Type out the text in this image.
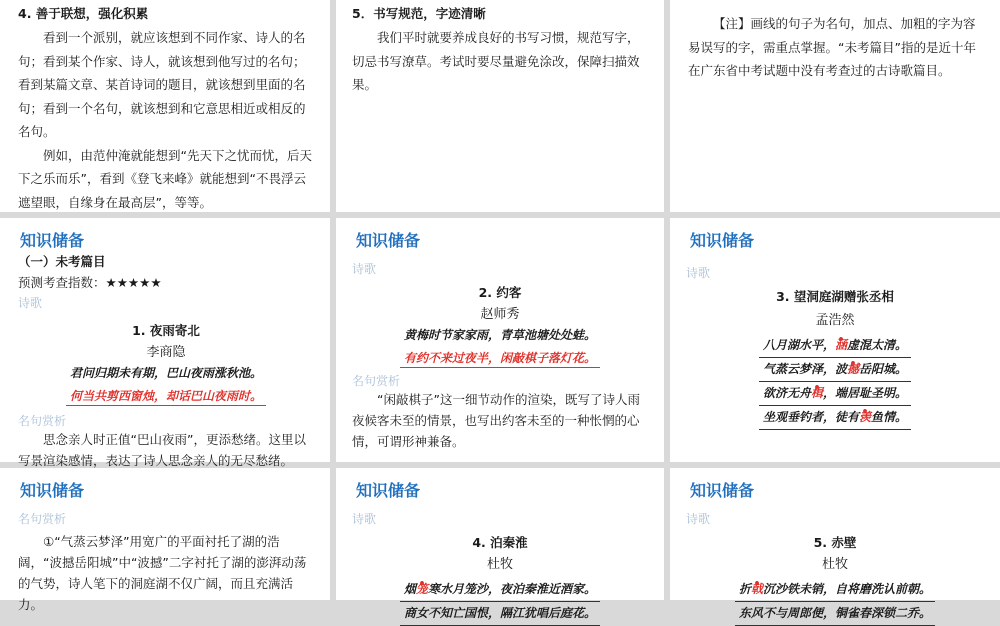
4. 善于联想，强化积累
看到一个派别，就应该想到不同作家、诗人的名句；看到某个作家、诗人，就该想到他写过的名句；看到某篇文章、某首诗词的题目，就该想到里面的名句；看到一个名句，就该想到和它意思相近或相反的名句。
例如，由范仲淹就能想到“先天下之忧而忧，后天下之乐而乐”，看到《登飞来峰》就能想到“不畏浮云遮望眼，自缘身在最高层”，等等。
5．书写规范，字迹清晰
我们平时就要养成良好的书写习惯，规范写字，切忌书写潦草。考试时要尽量避免涂改，保障扫描效果。
【注】画线的句子为名句，加点、加粗的字为容易误写的字，需重点掌握。“未考篇目”指的是近十年在广东省中考试题中没有考查过的古诗歌篇目。
知识储备
（一）未考篇目
预测考查指数：★★★★★
诗歌
1. 夜雨寄北
李商隐
君问归期未有期，巴山夜雨涨秋池。
何当共剪西窗烛，却话巴山夜雨时。
名句赏析
思念亲人时正值“巴山夜雨”，更添愁绪。这里以写景渲染感情，表达了诗人思念亲人的无尽愁绪。
知识储备
诗歌
2. 约客
赵师秀
黄梅时节家家雨，青草池塘处处蛙。
有约不来过夜半，闲敲棋子落灯花。
名句赏析
“闲敲棋子”这一细节动作的渲染，既写了诗人雨夜候客未至的情景，也写出约客未至的一种怅惘的心情，可谓形神兼备。
知识储备
诗歌
3. 望洞庭湖赠张丞相
孟浩然
八月湖水平，涵虚混太清。
气蒸云梦泽，波撼岳阳城。
欲济无舟楫，端居耻圣明。
坐观垂钓者，徒有羡鱼情。
知识储备
名句赏析
①“气蒸云梦泽”用宽广的平面衬托了湖的浩阔，“波撼岳阳城”中“波撼”二字衬托了湖的澎湃动荡的气势，诗人笔下的洞庭湖不仅广阔，而且充满活力。
知识储备
诗歌
4. 泊秦淮
杜牧
烟笼寒水月笼沙，夜泊秦淮近酒家。
商女不知亡国恨，隔江犹唱后庭花。
知识储备
诗歌
5. 赤壁
杜牧
折戟沉沙铁未销，自将磨洗认前朝。
东风不与周郎便，铜雀春深锁二乔。
